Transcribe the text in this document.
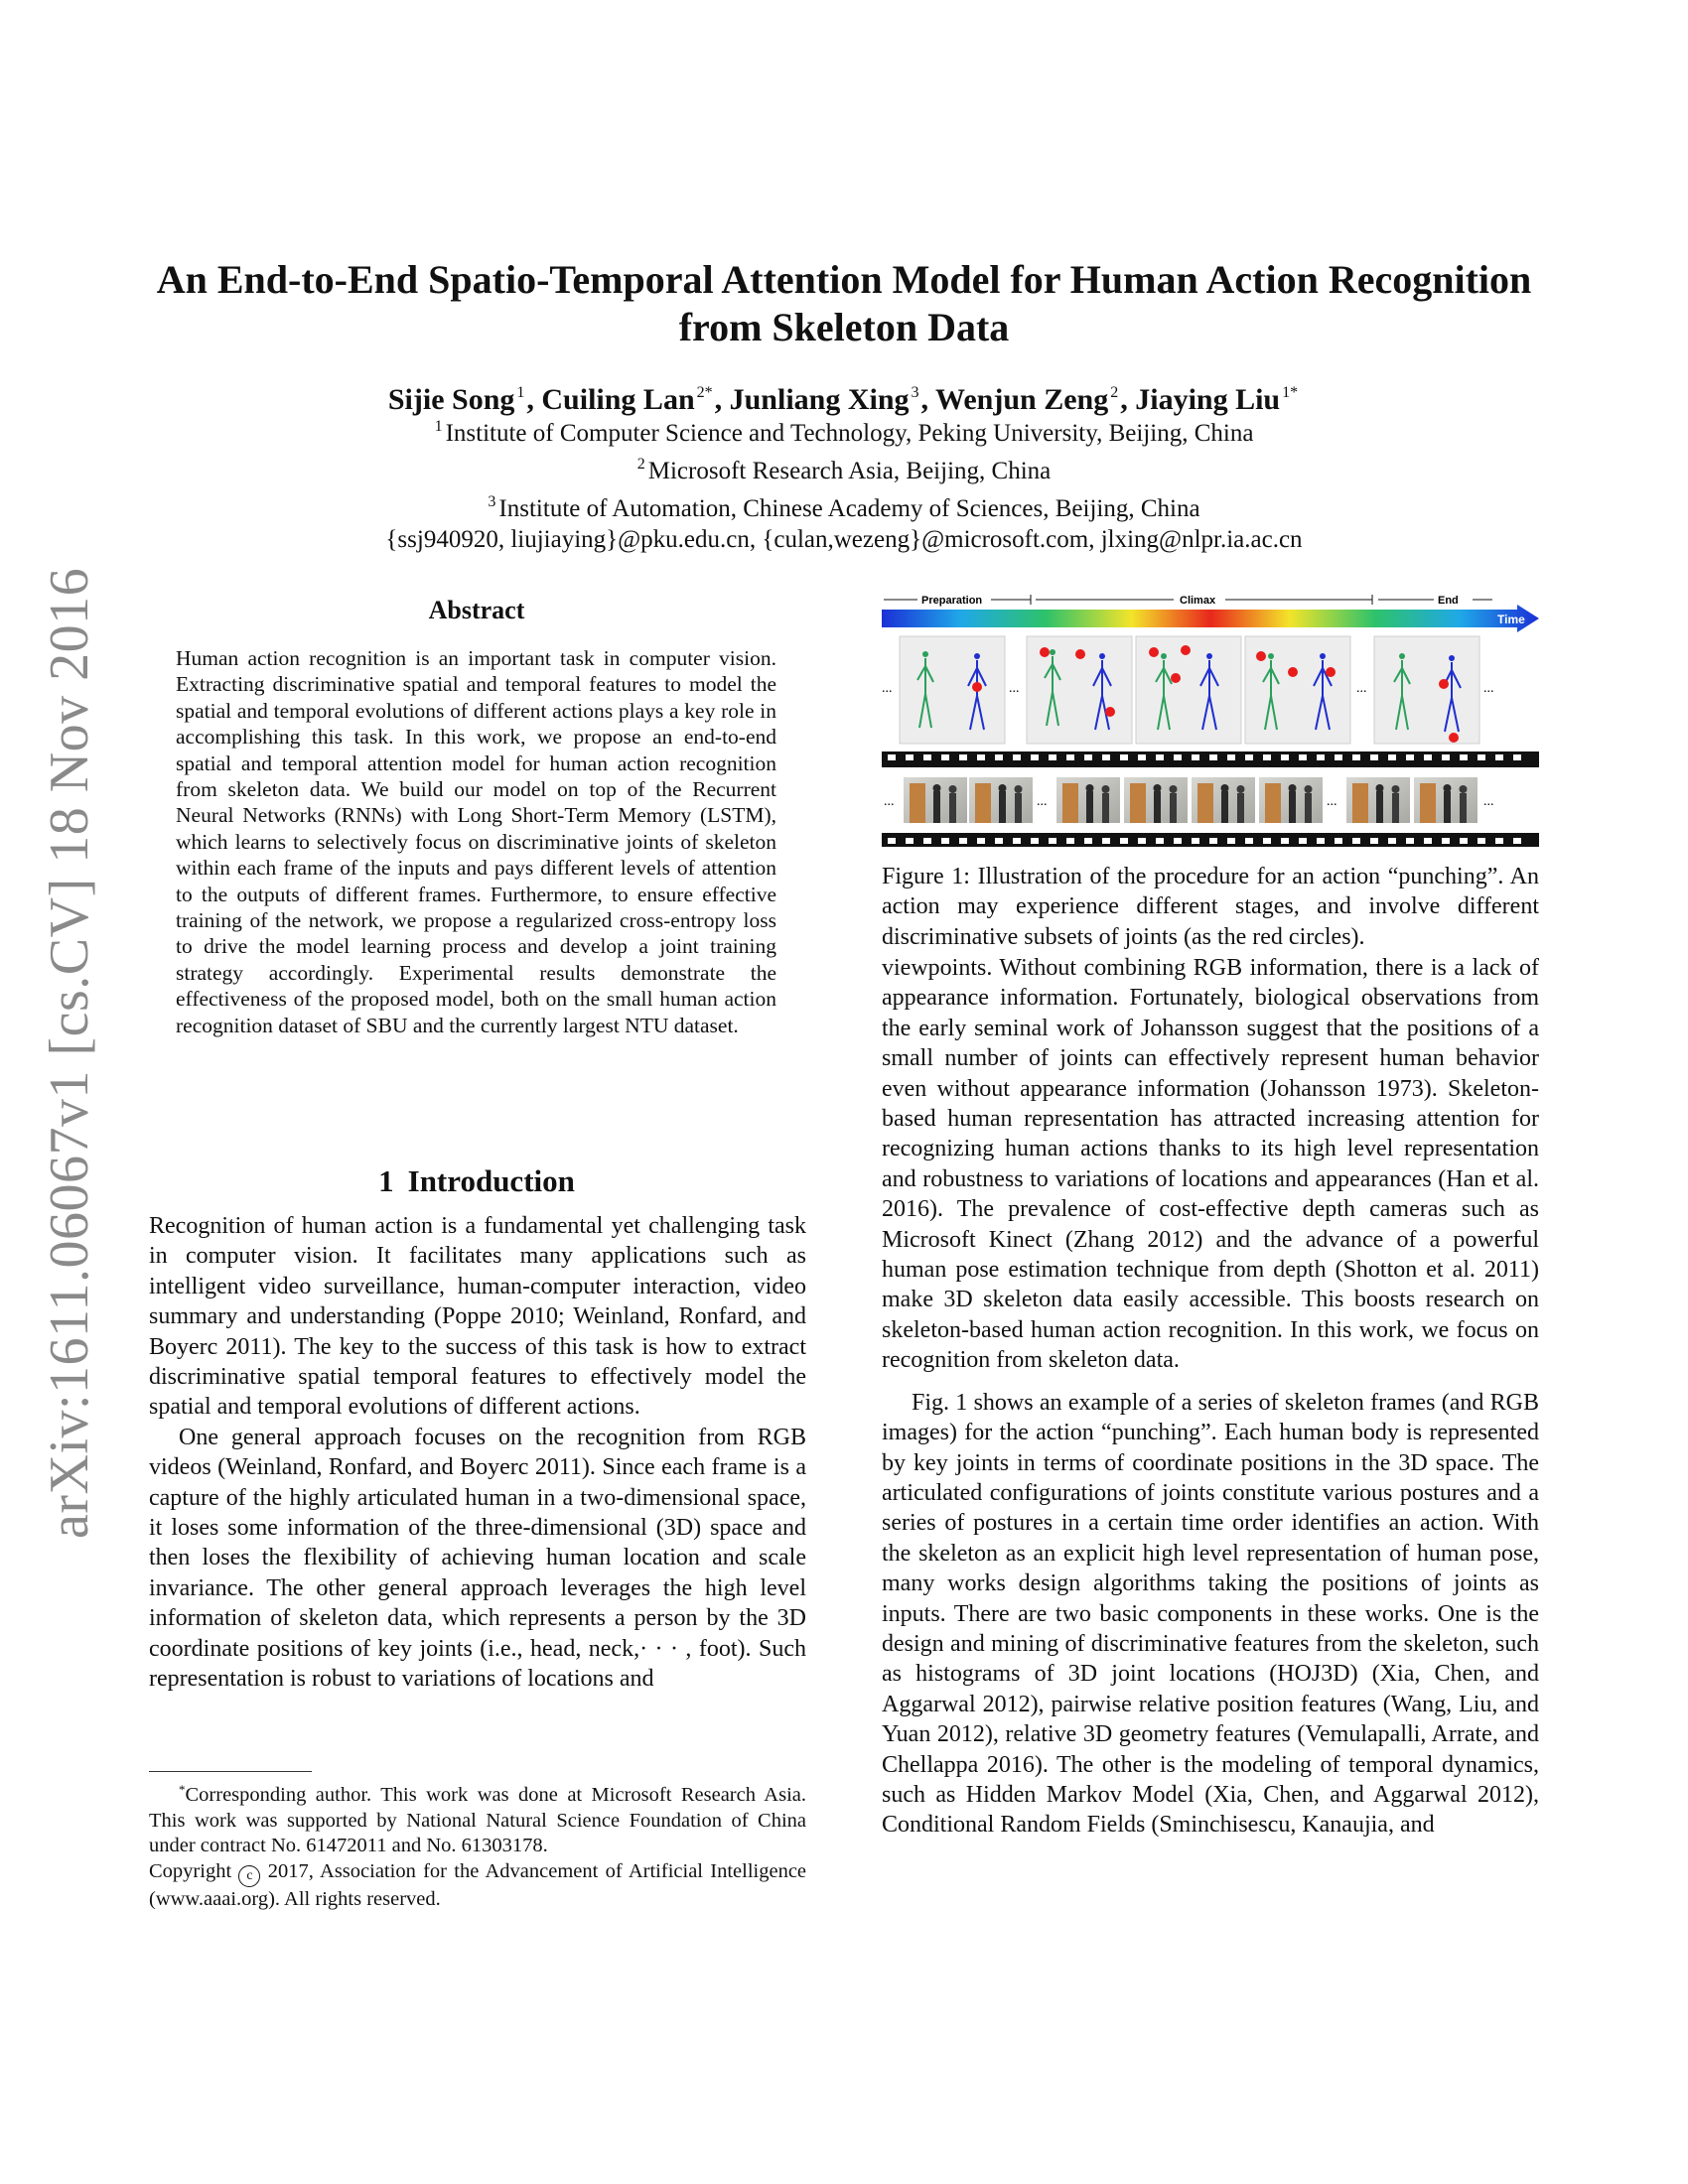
arXiv:1611.06067v1 [cs.CV] 18 Nov 2016
An End-to-End Spatio-Temporal Attention Model for Human Action Recognition
from Skeleton Data
Sijie Song $^1$, Cuiling Lan $^{2*}$, Junliang Xing $^3$, Wenjun Zeng $^2$, Jiaying Liu $^{1*}$
$^1$ Institute of Computer Science and Technology, Peking University, Beijing, China
$^2$ Microsoft Research Asia, Beijing, China
$^3$ Institute of Automation, Chinese Academy of Sciences, Beijing, China
{ssj940920, liujiaying}@pku.edu.cn, {culan,wezeng}@microsoft.com, jlxing@nlpr.ia.ac.cn
Abstract
Human action recognition is an important task in computer vision. Extracting discriminative spatial and temporal features to model the spatial and temporal evolutions of different actions plays a key role in accomplishing this task. In this work, we propose an end-to-end spatial and temporal attention model for human action recognition from skeleton data. We build our model on top of the Recurrent Neural Networks (RNNs) with Long Short-Term Memory (LSTM), which learns to selectively focus on discriminative joints of skeleton within each frame of the inputs and pays different levels of attention to the outputs of different frames. Furthermore, to ensure effective training of the network, we propose a regularized cross-entropy loss to drive the model learning process and develop a joint training strategy accordingly. Experimental results demonstrate the effectiveness of the proposed model, both on the small human action recognition dataset of SBU and the currently largest NTU dataset.
1 Introduction

Recognition of human action is a fundamental yet challenging task in computer vision. It facilitates many applications such as intelligent video surveillance, human-computer interaction, video summary and understanding (Poppe 2010; Weinland, Ronfard, and Boyerc 2011). The key to the success of this task is how to extract discriminative spatial temporal features to effectively model the spatial and temporal evolutions of different actions.

One general approach focuses on the recognition from RGB videos (Weinland, Ronfard, and Boyerc 2011). Since each frame is a capture of the highly articulated human in a two-dimensional space, it loses some information of the three-dimensional (3D) space and then loses the flexibility of achieving human location and scale invariance. The other general approach leverages the high level information of skeleton data, which represents a person by the 3D coordinate positions of key joints (i.e., head, neck,· · · , foot). Such representation is robust to variations of locations and

*Corresponding author. This work was done at Microsoft Research Asia. This work was supported by National Natural Science Foundation of China under contract No. 61472011 and No. 61303178.

Copyright c 2017, Association for the Advancement of Artificial Intelligence (www.aaai.org). All rights reserved.

Preparation	Climax	End
Time
...	...	...	...
...	...	...	...
Figure 1: Illustration of the procedure for an action “punching”. An action may experience different stages, and involve different discriminative subsets of joints (as the red circles).

viewpoints. Without combining RGB information, there is a lack of appearance information. Fortunately, biological observations from the early seminal work of Johansson suggest that the positions of a small number of joints can effectively represent human behavior even without appearance information (Johansson 1973). Skeleton-based human representation has attracted increasing attention for recognizing human actions thanks to its high level representation and robustness to variations of locations and appearances (Han et al. 2016). The prevalence of cost-effective depth cameras such as Microsoft Kinect (Zhang 2012) and the advance of a powerful human pose estimation technique from depth (Shotton et al. 2011) make 3D skeleton data easily accessible. This boosts research on skeleton-based human action recognition. In this work, we focus on recognition from skeleton data.

Fig. 1 shows an example of a series of skeleton frames (and RGB images) for the action “punching”. Each human body is represented by key joints in terms of coordinate positions in the 3D space. The articulated configurations of joints constitute various postures and a series of postures in a certain time order identifies an action. With the skeleton as an explicit high level representation of human pose, many works design algorithms taking the positions of joints as inputs. There are two basic components in these works. One is the design and mining of discriminative features from the skeleton, such as histograms of 3D joint locations (HOJ3D) (Xia, Chen, and Aggarwal 2012), pairwise relative position features (Wang, Liu, and Yuan 2012), relative 3D geometry features (Vemulapalli, Arrate, and Chellappa 2016). The other is the modeling of temporal dynamics, such as Hidden Markov Model (Xia, Chen, and Aggarwal 2012), Conditional Random Fields (Sminchisescu, Kanaujia, and
